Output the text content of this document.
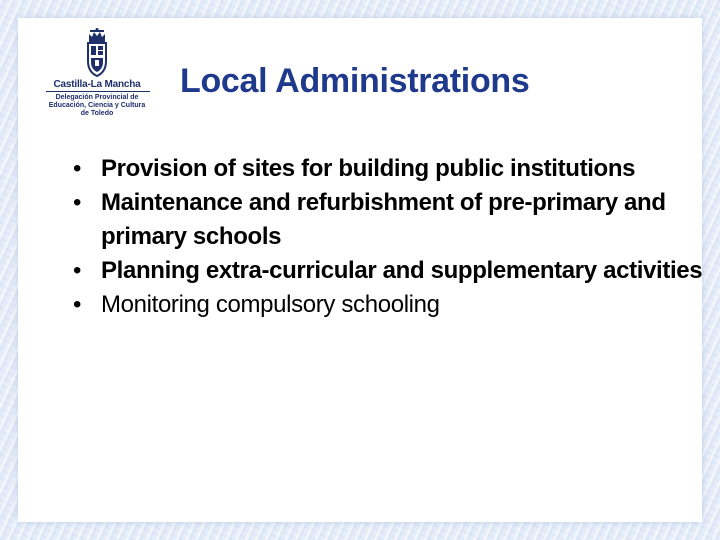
Castilla-La Mancha
Delegación Provincial de
Educación, Ciencia y Cultura
de Toledo
Local Administrations
• Provision of sites for building public institutions
• Maintenance and refurbishment of pre-primary and primary schools
• Planning extra-curricular and supplementary activities
• Monitoring compulsory schooling
